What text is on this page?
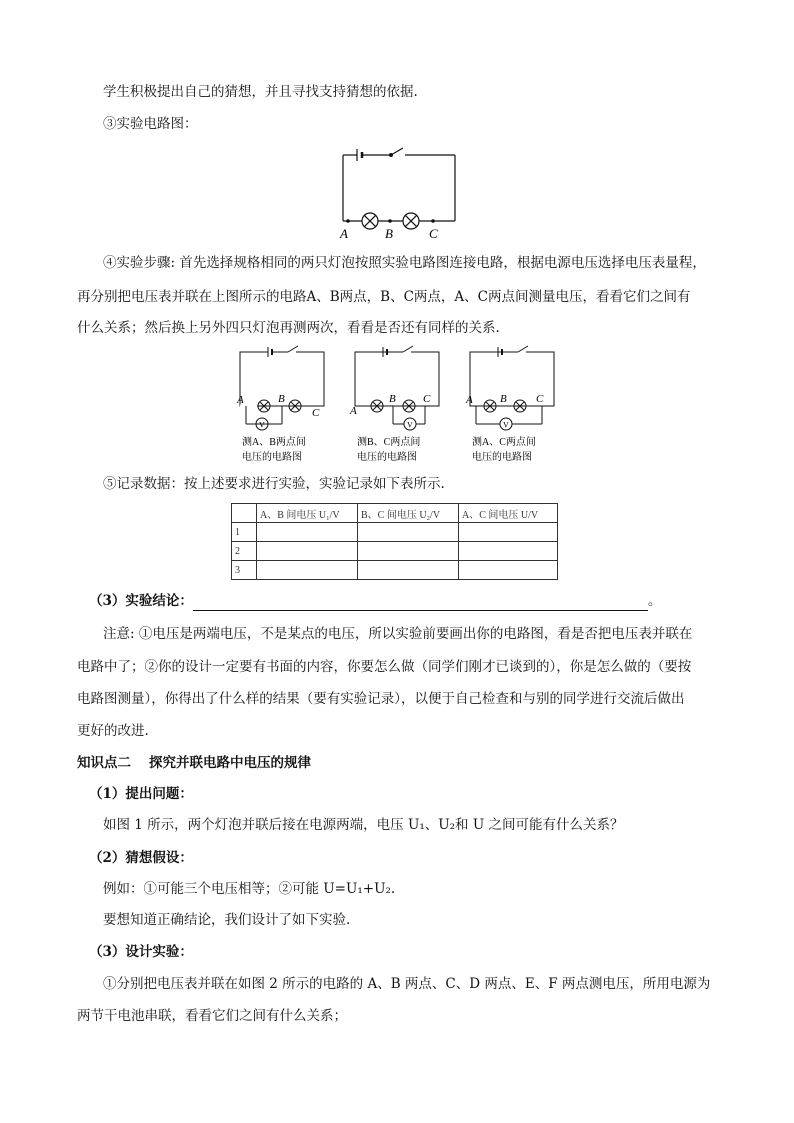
学生积极提出自己的猜想，并且寻找支持猜想的依据.
③实验电路图：
A	B	C
④实验步骤: 首先选择规格相同的两只灯泡按照实验电路图连接电路，根据电源电压选择电压表量程，
再分别把电压表并联在上图所示的电路A、B两点，B、C两点，A、C两点间测量电压，看看它们之间有
什么关系；然后换上另外四只灯泡再测两次，看看是否还有同样的关系.
V
A	B
C
测A、B两点间
电压的电路图
V
A
B C
测B、C两点间
电压的电路图
V
A B	C
测A、C两点间
电压的电路图
⑤记录数据：按上述要求进行实验，实验记录如下表所示.
	A、B 间电压 U₁/V	B、C 间电压 U₂/V	A、C 间电压 U/V
1			
2			
3			
（3）实验结论：	。
注意: ①电压是两端电压，不是某点的电压，所以实验前要画出你的电路图，看是否把电压表并联在
电路中了；②你的设计一定要有书面的内容，你要怎么做（同学们刚才已谈到的），你是怎么做的（要按
电路图测量），你得出了什么样的结果（要有实验记录），以便于自己检查和与别的同学进行交流后做出
更好的改进.
知识点二 探究并联电路中电压的规律
（1）提出问题：
如图 1 所示，两个灯泡并联后接在电源两端，电压 U₁、U₂和 U 之间可能有什么关系？
（2）猜想假设：
例如：①可能三个电压相等；②可能 U=U₁+U₂.
要想知道正确结论，我们设计了如下实验.
（3）设计实验：
①分别把电压表并联在如图 2 所示的电路的 A、B 两点、C、D 两点、E、F 两点测电压，所用电源为
两节干电池串联，看看它们之间有什么关系；
